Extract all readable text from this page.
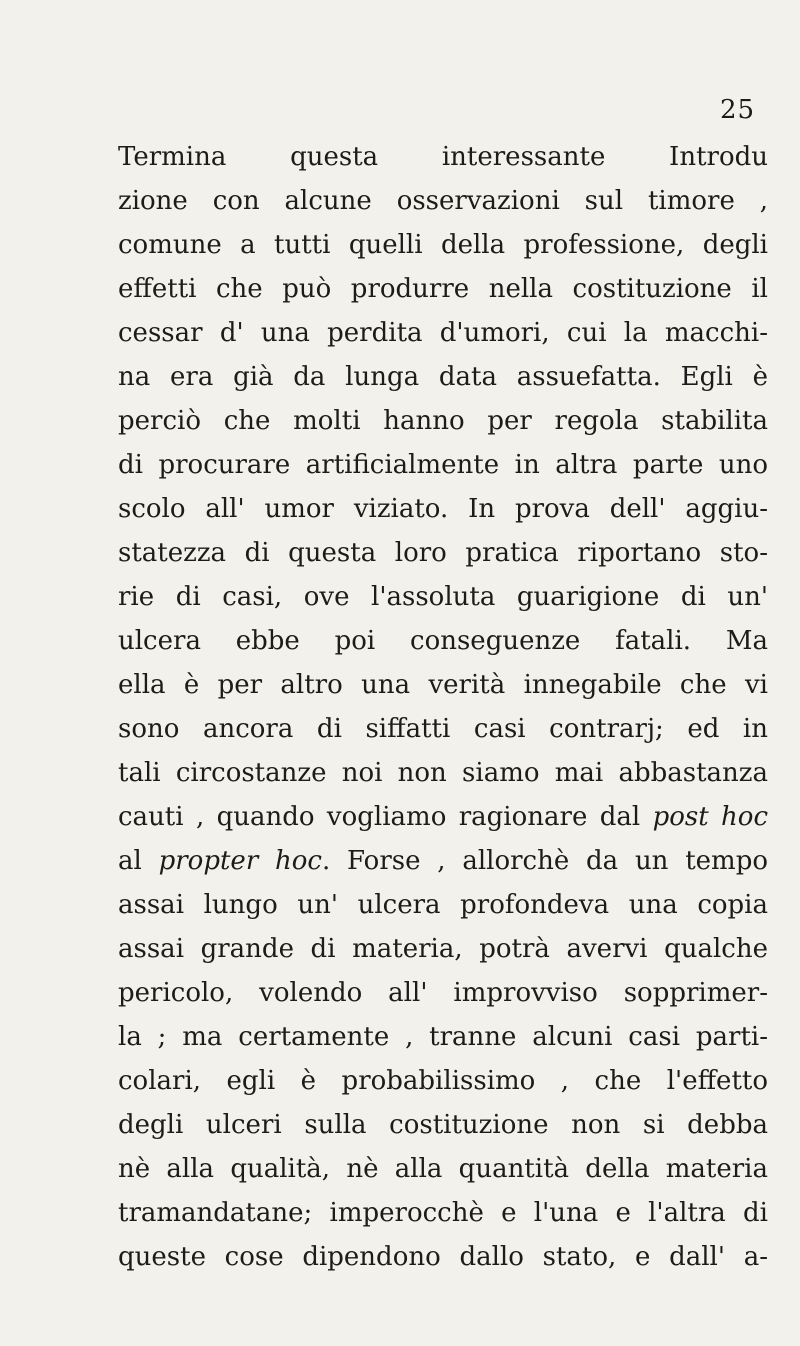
25
Termina questa interessante Introdu
zione con alcune osservazioni sul timore ,
comune a tutti quelli della professione, degli
effetti che può produrre nella costituzione il
cessar d' una perdita d'umori, cui la macchi-
na era già da lunga data assuefatta. Egli è
perciò che molti hanno per regola stabilita
di procurare artificialmente in altra parte uno
scolo all' umor viziato. In prova dell' aggiu-
statezza di questa loro pratica riportano sto-
rie di casi, ove l'assoluta guarigione di un'
ulcera ebbe poi conseguenze fatali. Ma
ella è per altro una verità innegabile che vi
sono ancora di siffatti casi contrarj; ed in
tali circostanze noi non siamo mai abbastanza
cauti , quando vogliamo ragionare dal post hoc
al propter hoc. Forse , allorchè da un tempo
assai lungo un' ulcera profondeva una copia
assai grande di materia, potrà avervi qualche
pericolo, volendo all' improvviso sopprimer-
la ; ma certamente , tranne alcuni casi parti-
colari, egli è probabilissimo , che l'effetto
degli ulceri sulla costituzione non si debba
nè alla qualità, nè alla quantità della materia
tramandatane; imperocchè e l'una e l'altra di
queste cose dipendono dallo stato, e dall' a-
